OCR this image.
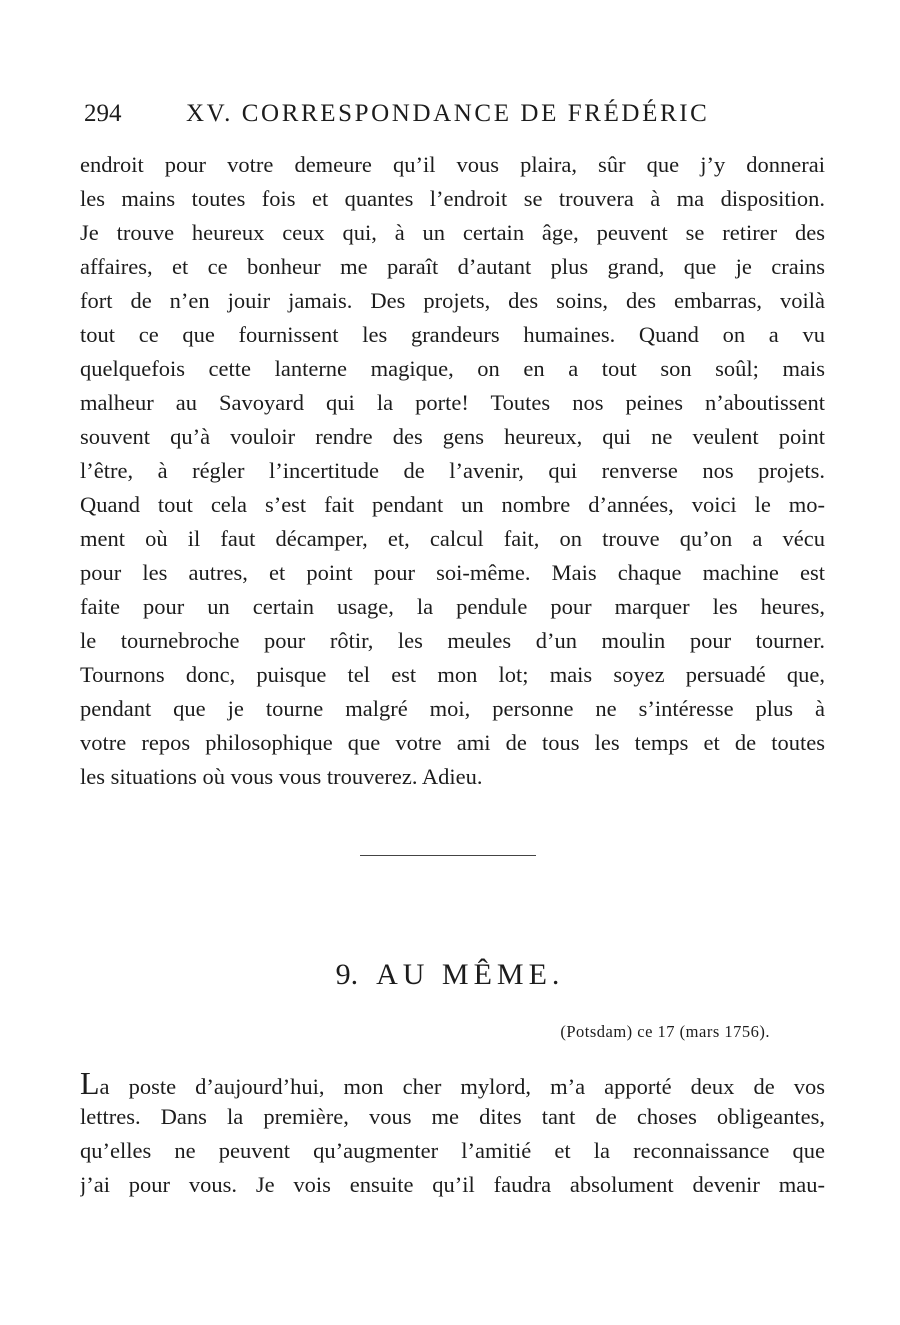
294	XV. CORRESPONDANCE DE FRÉDÉRIC
endroit pour votre demeure qu’il vous plaira, sûr que j’y donnerai
les mains toutes fois et quantes l’endroit se trouvera à ma disposition.
Je trouve heureux ceux qui, à un certain âge, peuvent se retirer des
affaires, et ce bonheur me paraît d’autant plus grand, que je crains
fort de n’en jouir jamais. Des projets, des soins, des embarras, voilà
tout ce que fournissent les grandeurs humaines. Quand on a vu
quelquefois cette lanterne magique, on en a tout son soûl; mais
malheur au Savoyard qui la porte! Toutes nos peines n’aboutissent
souvent qu’à vouloir rendre des gens heureux, qui ne veulent point
l’être, à régler l’incertitude de l’avenir, qui renverse nos projets.
Quand tout cela s’est fait pendant un nombre d’années, voici le mo-
ment où il faut décamper, et, calcul fait, on trouve qu’on a vécu
pour les autres, et point pour soi-même. Mais chaque machine est
faite pour un certain usage, la pendule pour marquer les heures,
le tournebroche pour rôtir, les meules d’un moulin pour tourner.
Tournons donc, puisque tel est mon lot; mais soyez persuadé que,
pendant que je tourne malgré moi, personne ne s’intéresse plus à
votre repos philosophique que votre ami de tous les temps et de toutes
les situations où vous vous trouverez. Adieu.
9. AU MÊME.
(Potsdam) ce 17 (mars 1756).
La poste d’aujourd’hui, mon cher mylord, m’a apporté deux de vos
lettres. Dans la première, vous me dites tant de choses obligeantes,
qu’elles ne peuvent qu’augmenter l’amitié et la reconnaissance que
j’ai pour vous. Je vois ensuite qu’il faudra absolument devenir mau-
